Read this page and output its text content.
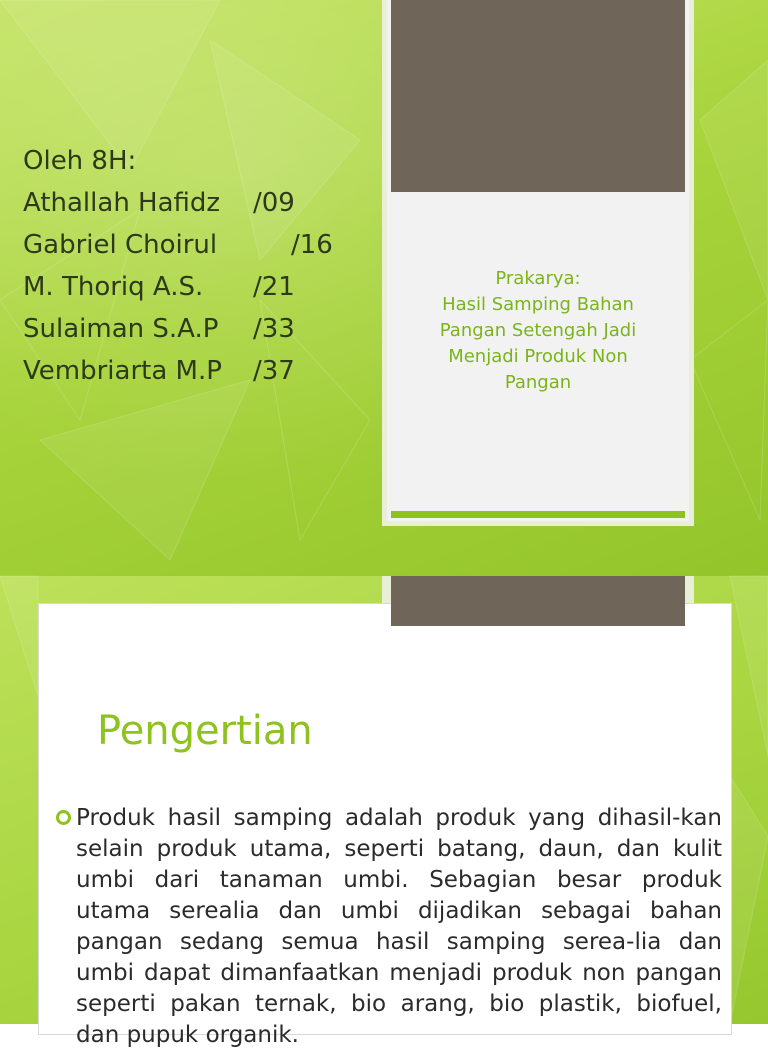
Oleh 8H:
Athallah Hafidz /09
Gabriel Choirul	/16
M. Thoriq A.S. /21
Sulaiman S.A.P /33
Vembriarta M.P /37
Prakarya:
Hasil Samping Bahan
Pangan Setengah Jadi
Menjadi Produk Non
Pangan
Pengertian

Produk hasil samping adalah produk yang dihasil-kan selain produk utama, seperti batang, daun, dan kulit umbi dari tanaman umbi. Sebagian besar produk utama serealia dan umbi dijadikan sebagai bahan pangan sedang semua hasil samping serea-lia dan umbi dapat dimanfaatkan menjadi produk non pangan seperti pakan ternak, bio arang, bio plastik, biofuel, dan pupuk organik.
